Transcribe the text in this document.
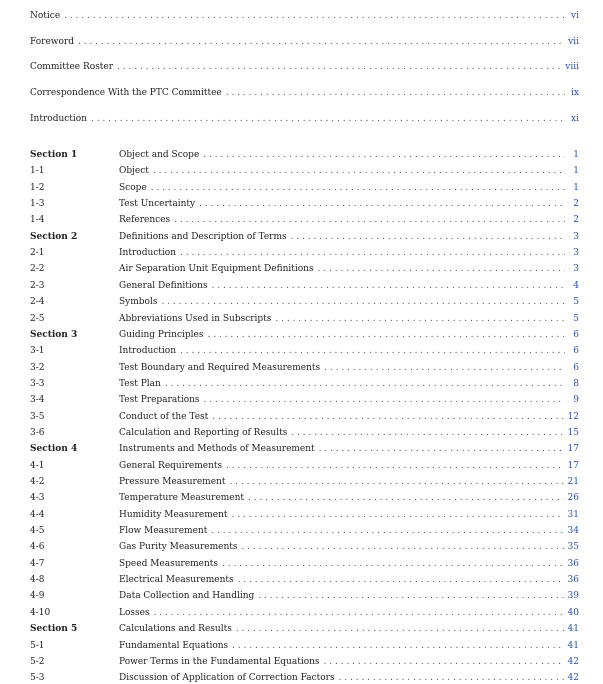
Notice . . .	vi
Foreword . . .	vii
Committee Roster . . .	viii
Correspondence With the PTC Committee . . .	ix
Introduction . . .	xi
Section 1	Object and Scope . . .	1
1-1	Object . . .	1
1-2	Scope . . .	1
1-3	Test Uncertainty . . .	2
1-4	References . . .	2
Section 2	Definitions and Description of Terms . . .	3
2-1	Introduction . . .	3
2-2	Air Separation Unit Equipment Definitions . . .	3
2-3	General Definitions . . .	4
2-4	Symbols . . .	5
2-5	Abbreviations Used in Subscripts . . .	5
Section 3	Guiding Principles . . .	6
3-1	Introduction . . .	6
3-2	Test Boundary and Required Measurements . . .	6
3-3	Test Plan . . .	8
3-4	Test Preparations . . .	9
3-5	Conduct of the Test . . .	12
3-6	Calculation and Reporting of Results . . .	15
Section 4	Instruments and Methods of Measurement . . .	17
4-1	General Requirements . . .	17
4-2	Pressure Measurement . . .	21
4-3	Temperature Measurement . . .	26
4-4	Humidity Measurement . . .	31
4-5	Flow Measurement . . .	34
4-6	Gas Purity Measurements . . .	35
4-7	Speed Measurements . . .	36
4-8	Electrical Measurements . . .	36
4-9	Data Collection and Handling . . .	39
4-10	Losses . . .	40
Section 5	Calculations and Results . . .	41
5-1	Fundamental Equations . . .	41
5-2	Power Terms in the Fundamental Equations . . .	42
5-3	Discussion of Application of Correction Factors . . .	42
